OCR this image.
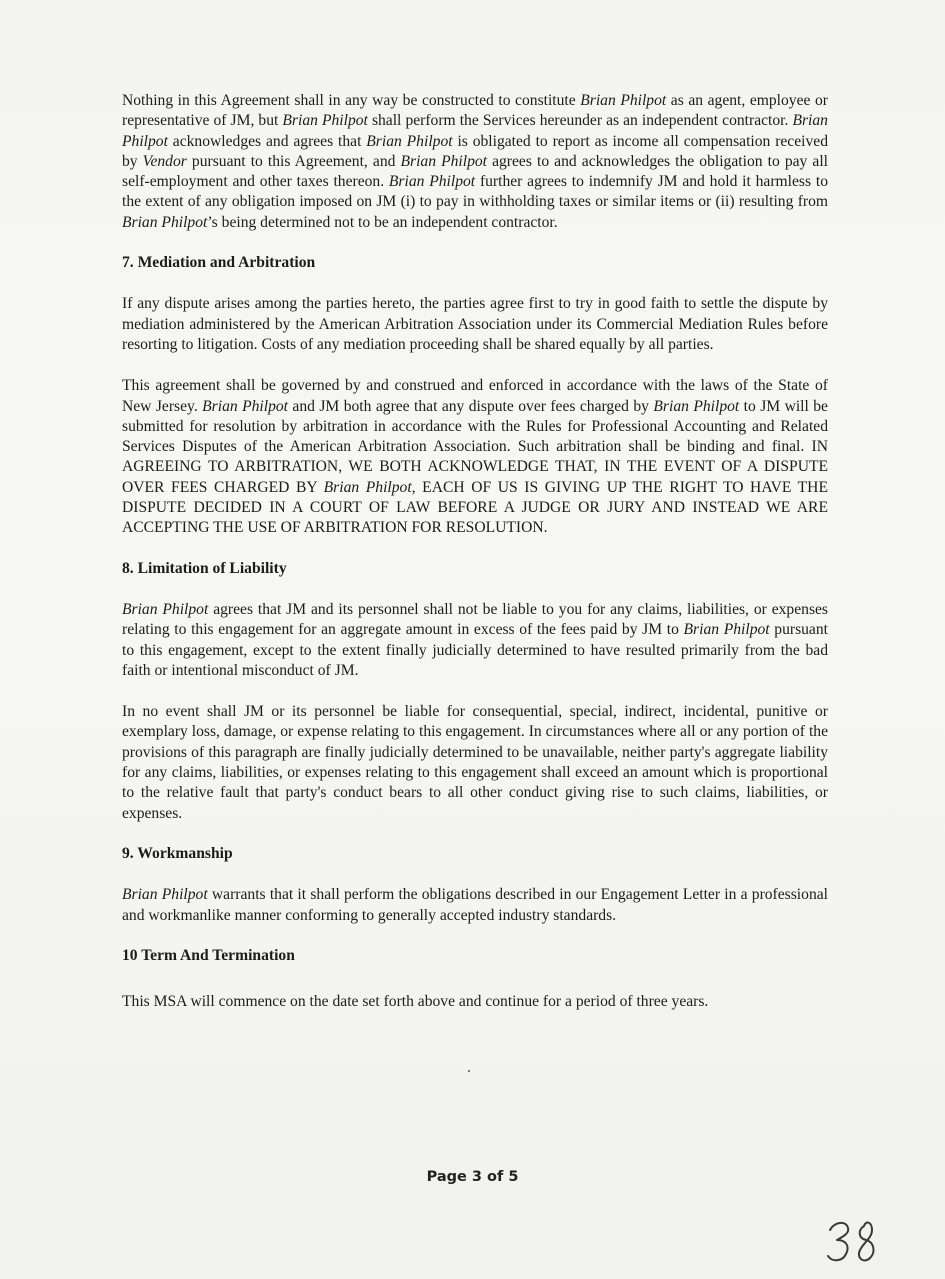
Nothing in this Agreement shall in any way be constructed to constitute Brian Philpot as an agent, employee or representative of JM, but Brian Philpot shall perform the Services hereunder as an independent contractor. Brian Philpot acknowledges and agrees that Brian Philpot is obligated to report as income all compensation received by Vendor pursuant to this Agreement, and Brian Philpot agrees to and acknowledges the obligation to pay all self-employment and other taxes thereon. Brian Philpot further agrees to indemnify JM and hold it harmless to the extent of any obligation imposed on JM (i) to pay in withholding taxes or similar items or (ii) resulting from Brian Philpot’s being determined not to be an independent contractor.

7. Mediation and Arbitration

If any dispute arises among the parties hereto, the parties agree first to try in good faith to settle the dispute by mediation administered by the American Arbitration Association under its Commercial Mediation Rules before resorting to litigation. Costs of any mediation proceeding shall be shared equally by all parties.

This agreement shall be governed by and construed and enforced in accordance with the laws of the State of New Jersey. Brian Philpot and JM both agree that any dispute over fees charged by Brian Philpot to JM will be submitted for resolution by arbitration in accordance with the Rules for Professional Accounting and Related Services Disputes of the American Arbitration Association. Such arbitration shall be binding and final. IN AGREEING TO ARBITRATION, WE BOTH ACKNOWLEDGE THAT, IN THE EVENT OF A DISPUTE OVER FEES CHARGED BY Brian Philpot, EACH OF US IS GIVING UP THE RIGHT TO HAVE THE DISPUTE DECIDED IN A COURT OF LAW BEFORE A JUDGE OR JURY AND INSTEAD WE ARE ACCEPTING THE USE OF ARBITRATION FOR RESOLUTION.

8. Limitation of Liability

Brian Philpot agrees that JM and its personnel shall not be liable to you for any claims, liabilities, or expenses relating to this engagement for an aggregate amount in excess of the fees paid by JM to Brian Philpot pursuant to this engagement, except to the extent finally judicially determined to have resulted primarily from the bad faith or intentional misconduct of JM.

In no event shall JM or its personnel be liable for consequential, special, indirect, incidental, punitive or exemplary loss, damage, or expense relating to this engagement. In circumstances where all or any portion of the provisions of this paragraph are finally judicially determined to be unavailable, neither party's aggregate liability for any claims, liabilities, or expenses relating to this engagement shall exceed an amount which is proportional to the relative fault that party's conduct bears to all other conduct giving rise to such claims, liabilities, or expenses.

9. Workmanship

Brian Philpot warrants that it shall perform the obligations described in our Engagement Letter in a professional and workmanlike manner conforming to generally accepted industry standards.

10 Term And Termination

This MSA will commence on the date set forth above and continue for a period of three years.

Page 3 of 5
